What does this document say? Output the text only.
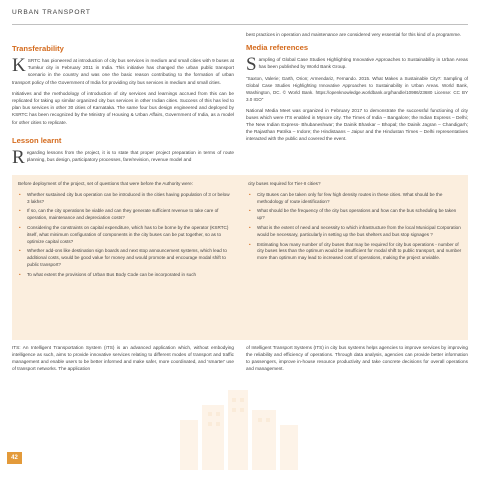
URBAN TRANSPORT
Transferability

KSRTC has pioneered at introduction of city bus services in medium and small cities with 9 buses at Tumkur city in February 2011 in India. This initiative has changed the urban public transport scenario in the country and was one the basic reason contributing to the formation of urban transport policy of the Government of India for providing city bus services in medium and small cities.

Initiatives and the methodology of introduction of city services and learnings accrued from this can be replicated for taking up similar organized city bus services in other Indian cities. Success of this has led to plan bus services in other 30 cities of Karnataka. The same four bus design engineered and deployed by KSRTC has been recognized by the Ministry of Housing & Urban Affairs, Government of India, as a model for other cities to replicate.

Lesson learnt

Regarding lessons from the project, it is to state that proper project preparation in terms of route planning, bus design, participatory processes, fare/revision, revenue model and

best practices in operation and maintenance are considered very essential for this kind of a programme.

Media references

Sampling of Global Case Studies Highlighting Innovative Approaches to Sustainability in Urban Areas has been published by World Bank Group.

"Saxton, Valerie; Garth, Orion; Armendariz, Fernando. 2015. What Makes a Sustainable City?: Sampling of Global Case Studies Highlighting Innovative Approaches to Sustainability in Urban Areas. World Bank, Washington, DC. © World Bank. https://openknowledge.worldbank.org/handle/10986/23680 License: CC BY 3.0 IGO"

National Media Meet was organized in February 2017 to demonstrate the successful functioning of city buses which were ITS enabled in Mysore city. The Times of India – Bangalore; the Indian Express – Delhi; The New Indian Express- Bhubaneshwar; the Dainik Bhaskar – Bhopal; the Dainik Jagran – Chandigarh; the Rajasthan Patrika – Indore; the Hindistaans – Jaipur and the Hindustan Times – Delhi representatives interacted with the public and covered the event.

Before deployment of the project, set of questions that were before the Authority were:

• Whether sustained city bus operation can be introduced in the cities having population of 3 or below 3 lakhs?
• If so, can the city operations be viable and can they generate sufficient revenue to take care of operation, maintenance and depreciation costs?
• Considering the constraints on capital expenditure, which has to be borne by the operator (KSRTC) itself, what minimum configuration of components in the city buses can be put together, so as to optimize capital costs?
• Whether add-ons like destination sign boards and next stop announcement systems, which lead to additional costs, would be good value for money and would promote and encourage modal shift to public transport?
• To what extent the provisions of Urban Bus Body Code can be incorporated in such

city buses required for Tier-II cities?

• City Buses can be taken only for few high density routes in these cities. What should be the methodology of route identification?
• What should be the frequency of the city bus operations and how can the bus scheduling be taken up?
• What is the extent of need and necessity to which infrastructure from the local Municipal Corporation would be necessary, particularly in setting up the bus shelters and bus stop signages ?
• Estimating how many number of city buses that may be required for city bus operations - number of city buses less than the optimum would be insufficient for modal shift to public transport, and number more than optimum may lead to increased cost of operations, making the project unviable.

ITS: An Intelligent Transportation System (ITS) is an advanced application which, without embodying intelligence as such, aims to provide innovative services relating to different modes of transport and traffic management and enable users to be better informed and make safer, more coordinated, and 'smarter' use of transport networks. The application

of Intelligent Transport Systems (ITS) in city bus systems helps agencies to improve services by improving the reliability and efficiency of operations. Through data analysis, agencies can provide better information to passengers, improve in-house resource productivity and take concrete decisions for overall operations and management.

42
